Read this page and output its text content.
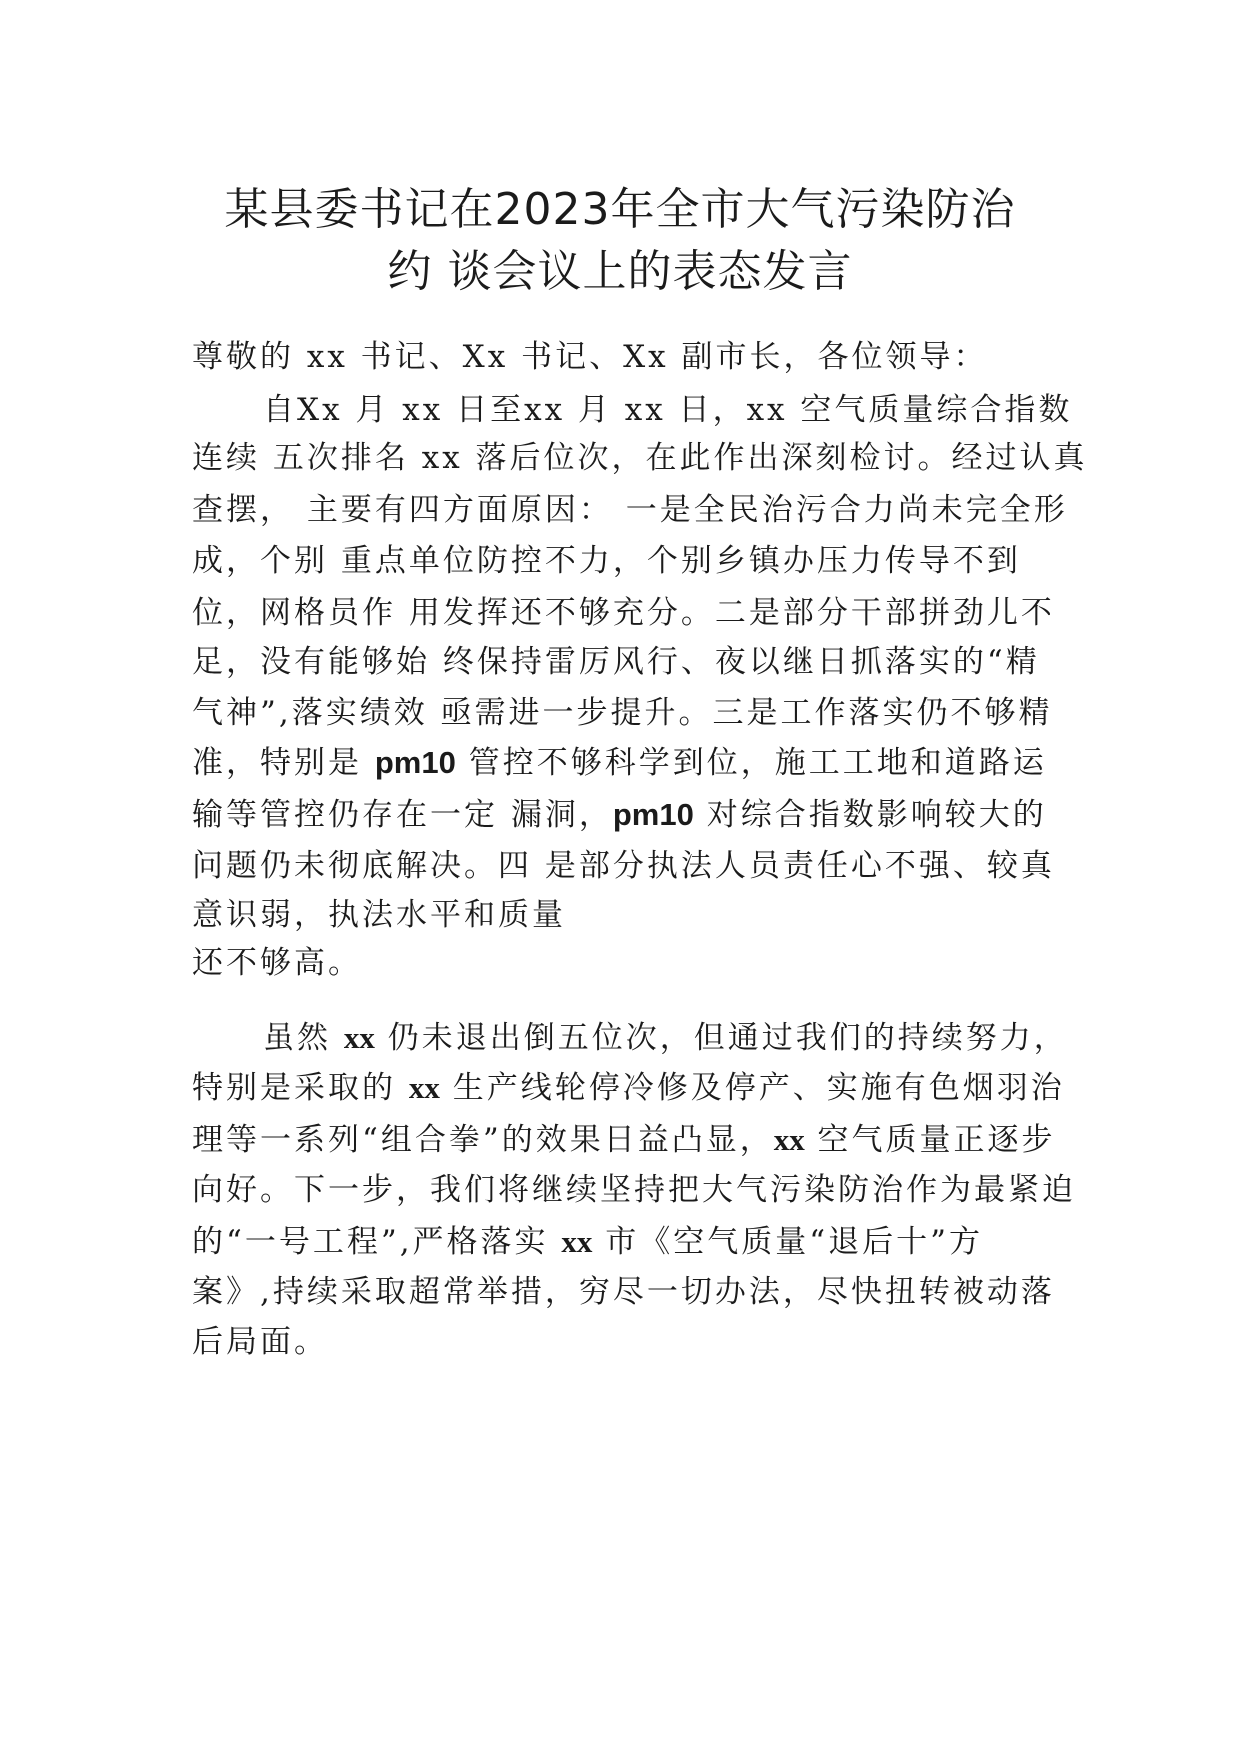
某县委书记在2023年全市大气污染防治
约 谈会议上的表态发言
尊敬的 xx 书记、Xx 书记、Xx 副市长，各位领导：
自Xx 月 xx 日至xx 月 xx 日，xx 空气质量综合指数
连续 五次排名 xx 落后位次，在此作出深刻检讨。经过认真
查摆， 主要有四方面原因： 一是全民治污合力尚未完全形
成，个别 重点单位防控不力，个别乡镇办压力传导不到
位，网格员作 用发挥还不够充分。二是部分干部拼劲儿不
足，没有能够始 终保持雷厉风行、夜以继日抓落实的“精
气神”,落实绩效 亟需进一步提升。三是工作落实仍不够精
准，特别是 pm10 管控不够科学到位，施工工地和道路运
输等管控仍存在一定 漏洞，pm10 对综合指数影响较大的
问题仍未彻底解决。四 是部分执法人员责任心不强、较真
意识弱，执法水平和质量
还不够高。
虽然 xx 仍未退出倒五位次，但通过我们的持续努力，
特别是采取的 xx 生产线轮停冷修及停产、实施有色烟羽治
理等一系列“组合拳”的效果日益凸显，xx 空气质量正逐步
向好。下一步，我们将继续坚持把大气污染防治作为最紧迫
的“一号工程”,严格落实 xx 市《空气质量“退后十”方
案》,持续采取超常举措，穷尽一切办法，尽快扭转被动落
后局面。
